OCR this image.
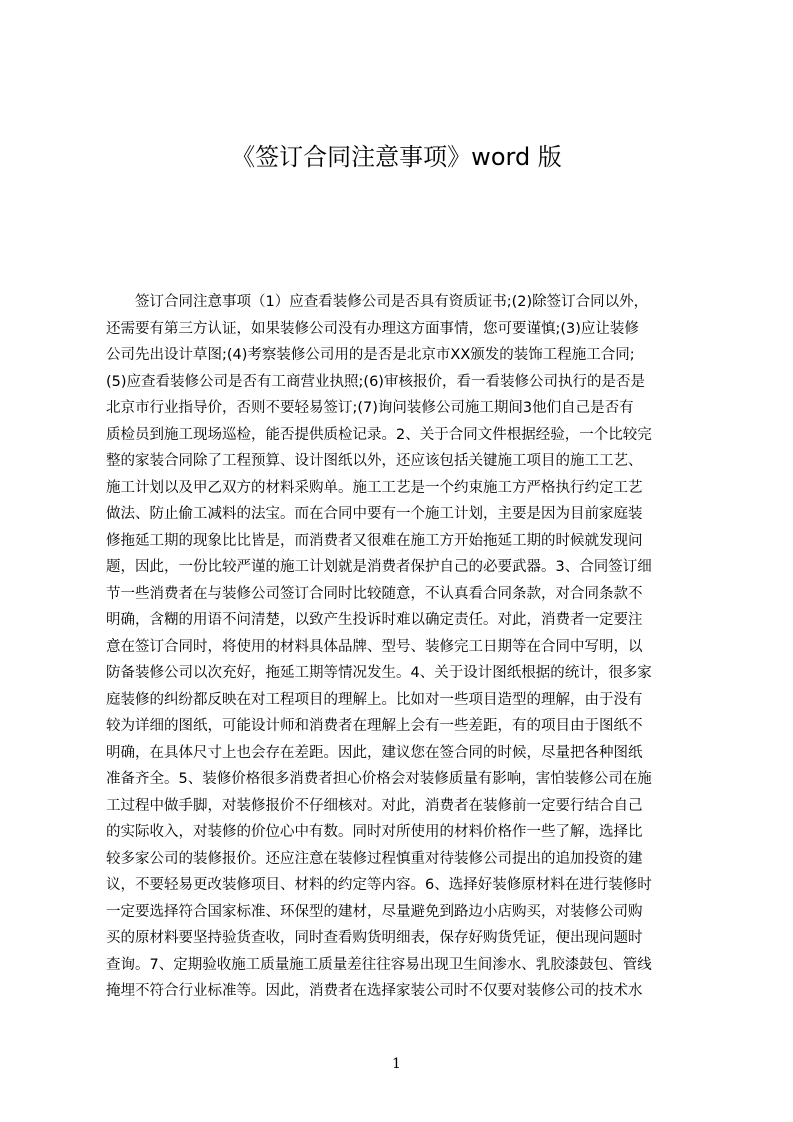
《签订合同注意事项》word 版
　　签订合同注意事项（1）应查看装修公司是否具有资质证书;(2)除签订合同以外，
还需要有第三方认证，如果装修公司没有办理这方面事情，您可要谨慎;(3)应让装修
公司先出设计草图;(4)考察装修公司用的是否是北京市XX颁发的装饰工程施工合同;
(5)应查看装修公司是否有工商营业执照;(6)审核报价，看一看装修公司执行的是否是
北京市行业指导价，否则不要轻易签订;(7)询问装修公司施工期间3他们自己是否有
质检员到施工现场巡检，能否提供质检记录。2、关于合同文件根据经验，一个比较完
整的家装合同除了工程预算、设计图纸以外，还应该包括关键施工项目的施工工艺、
施工计划以及甲乙双方的材料采购单。施工工艺是一个约束施工方严格执行约定工艺
做法、防止偷工减料的法宝。而在合同中要有一个施工计划，主要是因为目前家庭装
修拖延工期的现象比比皆是，而消费者又很难在施工方开始拖延工期的时候就发现问
题，因此，一份比较严谨的施工计划就是消费者保护自己的必要武器。3、合同签订细
节一些消费者在与装修公司签订合同时比较随意，不认真看合同条款，对合同条款不
明确，含糊的用语不问清楚，以致产生投诉时难以确定责任。对此，消费者一定要注
意在签订合同时，将使用的材料具体品牌、型号、装修完工日期等在合同中写明，以
防备装修公司以次充好，拖延工期等情况发生。4、关于设计图纸根据的统计，很多家
庭装修的纠纷都反映在对工程项目的理解上。比如对一些项目造型的理解，由于没有
较为详细的图纸，可能设计师和消费者在理解上会有一些差距，有的项目由于图纸不
明确，在具体尺寸上也会存在差距。因此，建议您在签合同的时候，尽量把各种图纸
准备齐全。5、装修价格很多消费者担心价格会对装修质量有影响，害怕装修公司在施
工过程中做手脚，对装修报价不仔细核对。对此，消费者在装修前一定要行结合自己
的实际收入，对装修的价位心中有数。同时对所使用的材料价格作一些了解，选择比
较多家公司的装修报价。还应注意在装修过程慎重对待装修公司提出的追加投资的建
议，不要轻易更改装修项目、材料的约定等内容。6、选择好装修原材料在进行装修时
一定要选择符合国家标准、环保型的建材，尽量避免到路边小店购买，对装修公司购
买的原材料要坚持验货查收，同时查看购货明细表，保存好购货凭证，便出现问题时
查询。7、定期验收施工质量施工质量差往往容易出现卫生间渗水、乳胶漆鼓包、管线
掩埋不符合行业标准等。因此，消费者在选择家装公司时不仅要对装修公司的技术水
1
